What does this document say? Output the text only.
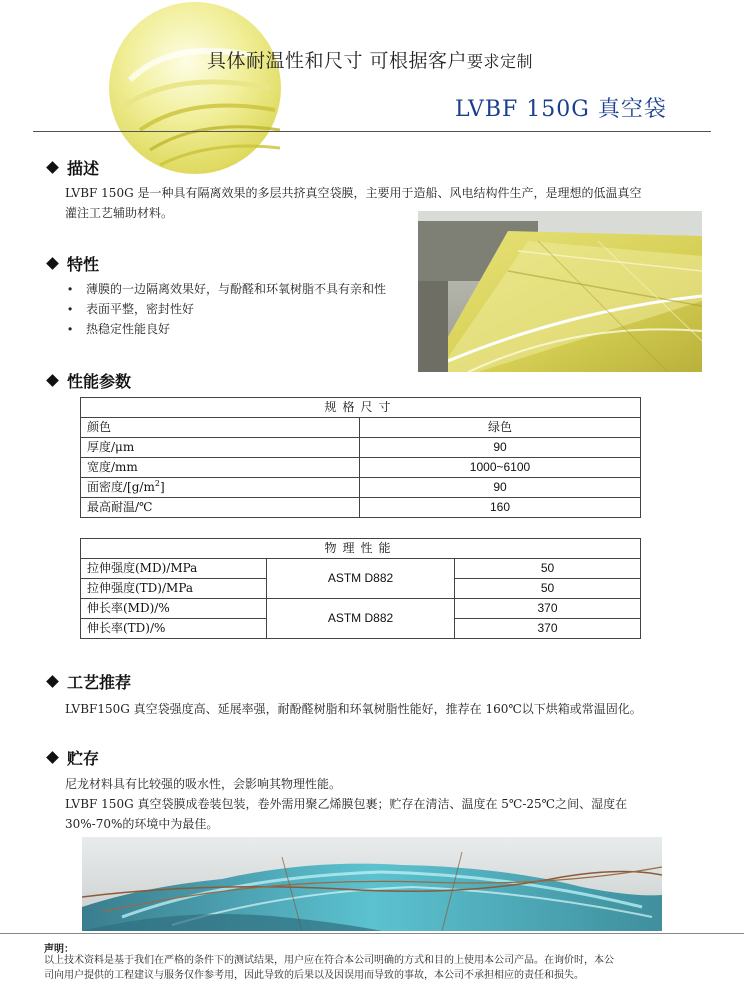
具体耐温性和尺寸 可根据客户要求定制
LVBF 150G 真空袋
描述
LVBF 150G 是一种具有隔离效果的多层共挤真空袋膜，主要用于造船、风电结构件生产，是理想的低温真空
灌注工艺辅助材料。
特性
• 薄膜的一边隔离效果好，与酚醛和环氧树脂不具有亲和性
• 表面平整，密封性好
• 热稳定性能良好
性能参数
规格尺寸	
颜色	绿色
厚度/μm	90
宽度/mm	1000~6100
面密度$/[g/m^2]$	90
最高耐温/℃	160
物理性能		
拉伸强度(MD)/MPa	ASTM D882	50
拉伸强度(TD)/MPa		50
伸长率(MD)/%	ASTM D882	370
伸长率(TD)/%		370
工艺推荐
LVBF150G 真空袋强度高、延展率强，耐酚醛树脂和环氧树脂性能好，推荐在 160℃以下烘箱或常温固化。
贮存
尼龙材料具有比较强的吸水性，会影响其物理性能。
LVBF 150G 真空袋膜成卷装包装，卷外需用聚乙烯膜包裹；贮存在清洁、温度在 5℃-25℃之间、湿度在
30%-70%的环境中为最佳。
声明：
以上技术资料是基于我们在严格的条件下的测试结果，用户应在符合本公司明确的方式和目的上使用本公司产品。在询价时，本公
司向用户提供的工程建议与服务仅作参考用，因此导致的后果以及因误用而导致的事故，本公司不承担相应的责任和损失。
